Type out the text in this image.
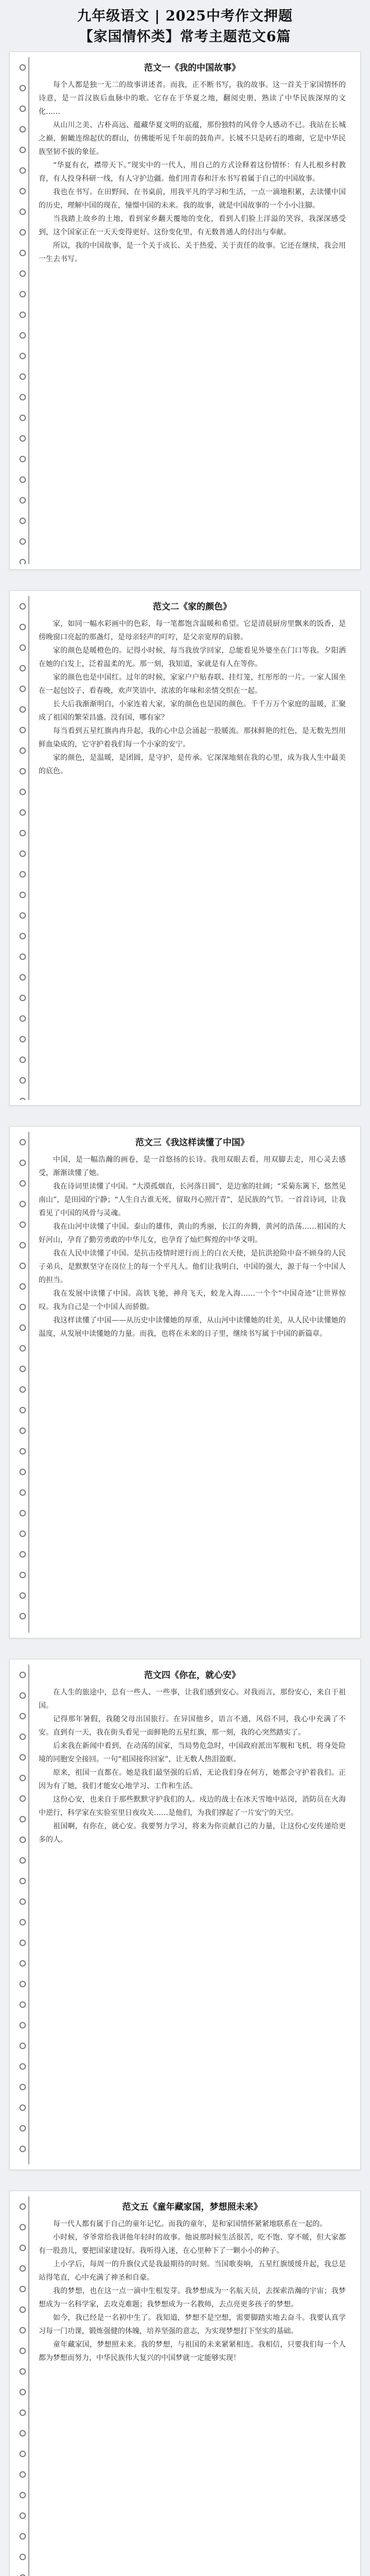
九年级语文 | 2025中考作文押题
【家国情怀类】常考主题范文6篇
范文一《我的中国故事》

每个人都是独一无二的故事讲述者。而我，正不断书写，我的故事。这一首关于家国情怀的诗意，是一首汉族后血脉中的歌。它存在于华夏之地，翻阅史册，熟读了中华民族深厚的文化……

从山川之美、古朴高远、蕴藏华夏文明的底蕴，那份独特的风骨令人感动不已。我站在长城之巅，俯瞰连绵起伏的群山，仿佛能听见千年前的鼓角声。长城不只是砖石的堆砌，它是中华民族坚韧不拔的象征。

“华夏有衣，襟带天下。”现实中的一代人，用自己的方式诠释着这份情怀：有人扎根乡村教育，有人投身科研一线，有人守护边疆。他们用青春和汗水书写着属于自己的中国故事。

我也在书写。在田野间、在书桌前，用我平凡的学习和生活，一点一滴地积累，去读懂中国的历史，理解中国的现在，憧憬中国的未来。我的故事，就是中国故事的一个小小注脚。

当我踏上故乡的土地，看到家乡翻天覆地的变化，看到人们脸上洋溢的笑容，我深深感受到，这个国家正在一天天变得更好。这份变化里，有无数普通人的付出与奉献。

所以，我的中国故事，是一个关于成长、关于热爱、关于责任的故事。它还在继续，我会用一生去书写。

范文二《家的颜色》

家，如同一幅水彩画中的色彩，每一笔都饱含温暖和希望。它是清晨厨房里飘来的饭香，是傍晚窗口亮起的那盏灯，是母亲轻声的叮咛，是父亲宽厚的肩膀。

家的颜色是暖橙色的。记得小时候，每当我放学回家，总能看见外婆坐在门口等我。夕阳洒在她的白发上，泛着温柔的光。那一刻，我知道，家就是有人在等你。

家的颜色也是中国红。过年的时候，家家户户贴春联、挂灯笼，红彤彤的一片。一家人围坐在一起包饺子、看春晚，欢声笑语中，浓浓的年味和亲情交织在一起。

长大后我渐渐明白，小家连着大家，家的颜色也是国的颜色。千千万万个家庭的温暖，汇聚成了祖国的繁荣昌盛。没有国，哪有家？

每当看到五星红旗冉冉升起，我的心中总会涌起一股暖流。那抹鲜艳的红色，是无数先烈用鲜血染成的，它守护着我们每一个小家的安宁。

家的颜色，是温暖，是团圆，是守护，是传承。它深深地刻在我的心里，成为我人生中最美的底色。

范文三《我这样读懂了中国》

中国，是一幅浩瀚的画卷，是一首悠扬的长诗。我用双眼去看，用双脚去走，用心灵去感受，渐渐读懂了她。

我在诗词里读懂了中国。“大漠孤烟直，长河落日圆”，是边塞的壮阔；“采菊东篱下，悠然见南山”，是田园的宁静；“人生自古谁无死，留取丹心照汗青”，是民族的气节。一首首诗词，让我看见了中国的风骨与灵魂。

我在山河中读懂了中国。泰山的雄伟，黄山的秀丽，长江的奔腾，黄河的浩荡……祖国的大好河山，孕育了勤劳勇敢的中华儿女，也孕育了灿烂辉煌的中华文明。

我在人民中读懂了中国。是抗击疫情时逆行而上的白衣天使，是抗洪抢险中奋不顾身的人民子弟兵，是默默坚守在岗位上的每一个平凡人。他们让我明白，中国的强大，源于每一个中国人的担当。

我在发展中读懂了中国。高铁飞驰，神舟飞天，蛟龙入海……一个个“中国奇迹”让世界惊叹。我为自己是一个中国人而骄傲。

我这样读懂了中国——从历史中读懂她的厚重，从山河中读懂她的壮美，从人民中读懂她的温度，从发展中读懂她的力量。而我，也将在未来的日子里，继续书写属于中国的新篇章。

范文四《你在，就心安》

在人生的旅途中，总有一些人、一些事，让我们感到安心。对我而言，那份安心，来自于祖国。

记得那年暑假，我随父母出国旅行。在异国他乡，语言不通，风俗不同，我心中充满了不安。直到有一天，我在街头看见一面鲜艳的五星红旗，那一刻，我的心突然踏实了。

后来我在新闻中看到，在动荡的国家，当局势危急时，中国政府派出军舰和飞机，将身处险境的同胞安全接回。一句“祖国接你回家”，让无数人热泪盈眶。

原来，祖国一直都在。她是我们最坚强的后盾，无论我们身在何方，她都会守护着我们。正因为有了她，我们才能安心地学习、工作和生活。

这份心安，也来自于那些默默守护我们的人。戍边的战士在冰天雪地中站岗，消防员在火海中逆行，科学家在实验室里日夜攻关……是他们，为我们撑起了一片安宁的天空。

祖国啊，有你在，就心安。我要努力学习，将来为你贡献自己的力量，让这份心安传递给更多的人。

范文五《童年藏家国，梦想照未来》

每一代人都有属于自己的童年记忆。而我的童年，是和家国情怀紧紧地联系在一起的。

小时候，爷爷常给我讲他年轻时的故事。他说那时候生活很苦，吃不饱、穿不暖，但大家都有一股劲儿，要把国家建设好。我听得入迷，在心里种下了一颗小小的种子。

上小学后，每周一的升旗仪式是我最期待的时刻。当国歌奏响，五星红旗缓缓升起，我总是站得笔直，心中充满了神圣和自豪。

我的梦想，也在这一点一滴中生根发芽。我梦想成为一名航天员，去探索浩瀚的宇宙；我梦想成为一名科学家，去攻克难题；我梦想成为一名教师，去点亮更多孩子的梦想。

如今，我已经是一名初中生了。我知道，梦想不是空想，需要脚踏实地去奋斗。我要认真学习每一门功课，锻炼强健的体魄，培养坚强的意志，为实现梦想打下坚实的基础。

童年藏家国，梦想照未来。我的梦想，与祖国的未来紧紧相连。我相信，只要我们每一个人都为梦想而努力，中华民族伟大复兴的中国梦就一定能够实现！
